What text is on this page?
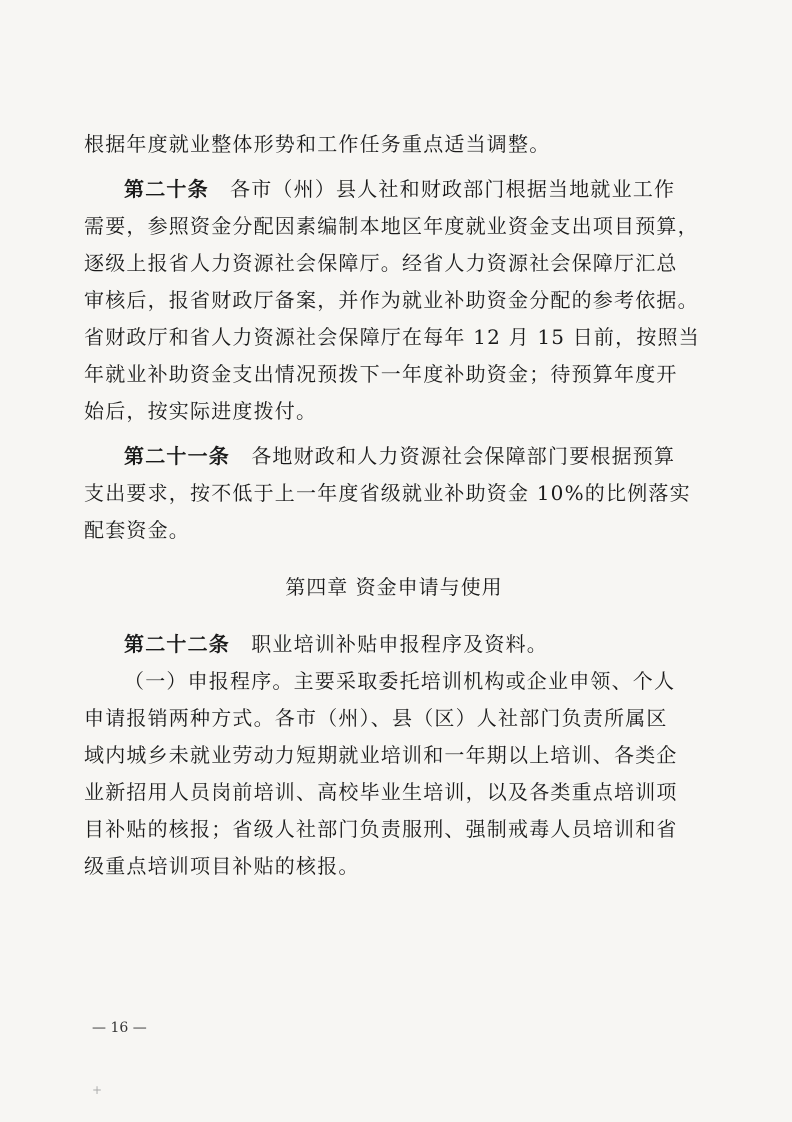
根据年度就业整体形势和工作任务重点适当调整。
第二十条　 各市（州）县人社和财政部门根据当地就业工作
需要，参照资金分配因素编制本地区年度就业资金支出项目预算，
逐级上报省人力资源社会保障厅。经省人力资源社会保障厅汇总
审核后，报省财政厅备案，并作为就业补助资金分配的参考依据。
省财政厅和省人力资源社会保障厅在每年 12 月 15 日前，按照当
年就业补助资金支出情况预拨下一年度补助资金；待预算年度开
始后，按实际进度拨付。
第二十一条　 各地财政和人力资源社会保障部门要根据预算
支出要求，按不低于上一年度省级就业补助资金 10%的比例落实
配套资金。
第四章 资金申请与使用
第二十二条　 职业培训补贴申报程序及资料。
（一）申报程序。主要采取委托培训机构或企业申领、个人
申请报销两种方式。各市（州）、县（区）人社部门负责所属区
域内城乡未就业劳动力短期就业培训和一年期以上培训、各类企
业新招用人员岗前培训、高校毕业生培训，以及各类重点培训项
目补贴的核报；省级人社部门负责服刑、强制戒毒人员培训和省
级重点培训项目补贴的核报。
— 16 —
+
